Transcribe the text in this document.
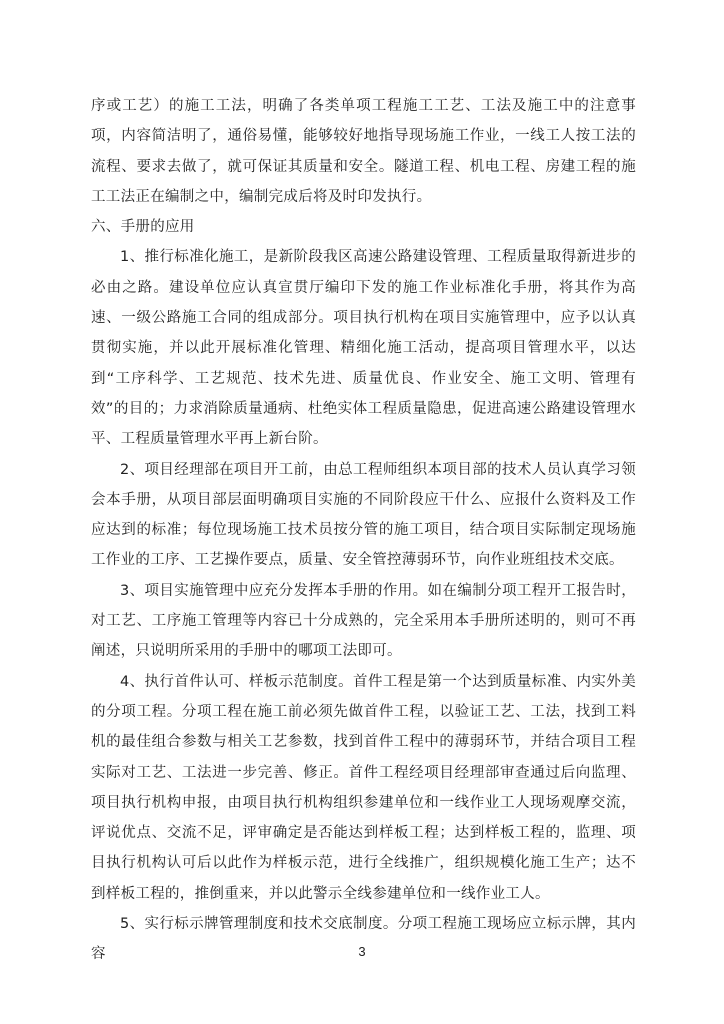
序或工艺）的施工工法，明确了各类单项工程施工工艺、工法及施工中的注意事项，内容简洁明了，通俗易懂，能够较好地指导现场施工作业，一线工人按工法的流程、要求去做了，就可保证其质量和安全。隧道工程、机电工程、房建工程的施工工法正在编制之中，编制完成后将及时印发执行。

六、手册的应用

1、推行标准化施工，是新阶段我区高速公路建设管理、工程质量取得新进步的必由之路。建设单位应认真宣贯厅编印下发的施工作业标准化手册，将其作为高速、一级公路施工合同的组成部分。项目执行机构在项目实施管理中，应予以认真贯彻实施，并以此开展标准化管理、精细化施工活动，提高项目管理水平，以达到“工序科学、工艺规范、技术先进、质量优良、作业安全、施工文明、管理有效”的目的；力求消除质量通病、杜绝实体工程质量隐患，促进高速公路建设管理水平、工程质量管理水平再上新台阶。

2、项目经理部在项目开工前，由总工程师组织本项目部的技术人员认真学习领会本手册，从项目部层面明确项目实施的不同阶段应干什么、应报什么资料及工作应达到的标准；每位现场施工技术员按分管的施工项目，结合项目实际制定现场施工作业的工序、工艺操作要点，质量、安全管控薄弱环节，向作业班组技术交底。

3、项目实施管理中应充分发挥本手册的作用。如在编制分项工程开工报告时，对工艺、工序施工管理等内容已十分成熟的，完全采用本手册所述明的，则可不再阐述，只说明所采用的手册中的哪项工法即可。

4、执行首件认可、样板示范制度。首件工程是第一个达到质量标准、内实外美的分项工程。分项工程在施工前必须先做首件工程，以验证工艺、工法，找到工料机的最佳组合参数与相关工艺参数，找到首件工程中的薄弱环节，并结合项目工程实际对工艺、工法进一步完善、修正。首件工程经项目经理部审查通过后向监理、项目执行机构申报，由项目执行机构组织参建单位和一线作业工人现场观摩交流，评说优点、交流不足，评审确定是否能达到样板工程；达到样板工程的，监理、项目执行机构认可后以此作为样板示范，进行全线推广，组织规模化施工生产；达不到样板工程的，推倒重来，并以此警示全线参建单位和一线作业工人。

5、实行标示牌管理制度和技术交底制度。分项工程施工现场应立标示牌，其内容	3
